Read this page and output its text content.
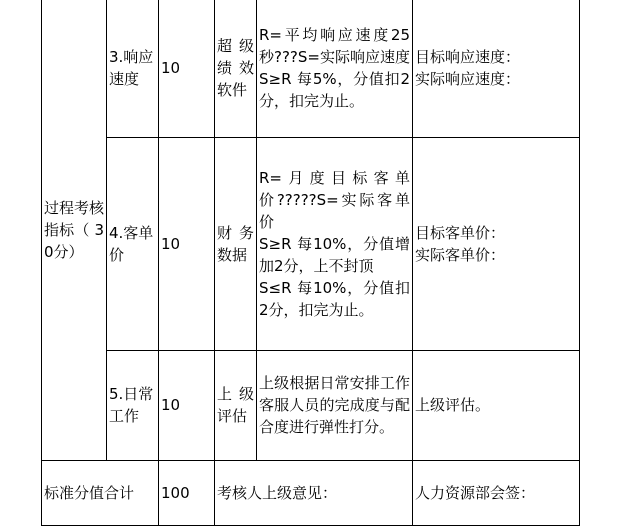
过程考核指标（ 30分）	3.响应速度	10	超级绩效软件	R=平均响应速度25秒???S=实际响应速度
S≥R 每5%，分值扣2分，扣完为止。	目标响应速度：
实际响应速度：
	4.客单价	10	财务数据	R=月度目标客单价?????S=实际客单价
S≥R 每10%，分值增加2分，上不封顶
S≤R 每10%，分值扣2分，扣完为止。	目标客单价：
实际客单价：
	5.日常工作	10	上级评估	上级根据日常安排工作客服人员的完成度与配合度进行弹性打分。	上级评估。
标准分值合计		100	考核人上级意见：		人力资源部会签：
